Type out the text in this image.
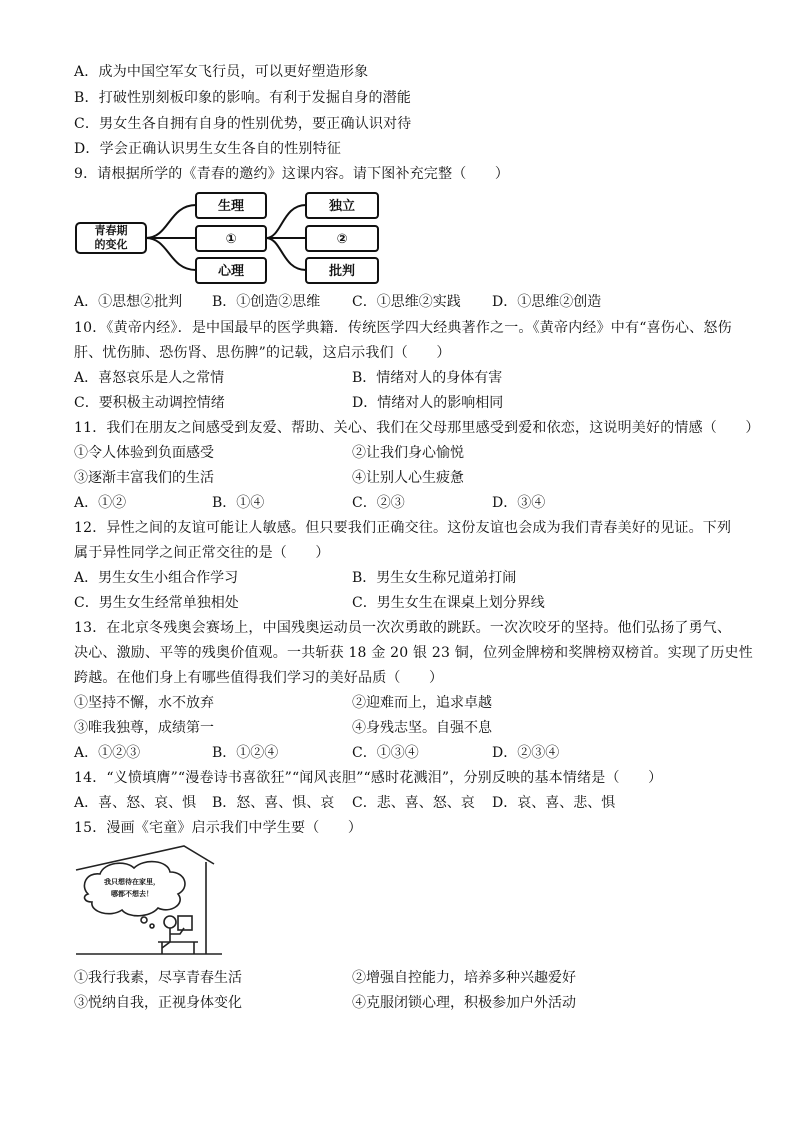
A．成为中国空军女飞行员，可以更好塑造形象
B．打破性别刻板印象的影响。有利于发掘自身的潜能
C．男女生各自拥有自身的性别优势，要正确认识对待
D．学会正确认识男生女生各自的性别特征
9．请根据所学的《青春的邀约》这课内容。请下图补充完整（　　）
青春期
的变化
生理
①
心理
独立
②
批判
A．①思想②批判 B．①创造②思维 C．①思维②实践 D．①思维②创造
10．《黄帝内经》．是中国最早的医学典籍．传统医学四大经典著作之一。《黄帝内经》中有“喜伤心、怒伤
肝、忧伤肺、恐伤肾、思伤脾”的记载，这启示我们（　　）
A．喜怒哀乐是人之常情	B．情绪对人的身体有害
C．要积极主动调控情绪	D．情绪对人的影响相同
11．我们在朋友之间感受到友爱、帮助、关心、我们在父母那里感受到爱和依恋，这说明美好的情感（　　）
①令人体验到负面感受	②让我们身心愉悦
③逐渐丰富我们的生活	④让别人心生疲惫
A．①②	B．①④	C．②③	D．③④
12．异性之间的友谊可能让人敏感。但只要我们正确交往。这份友谊也会成为我们青春美好的见证。下列
属于异性同学之间正常交往的是（　　）
A．男生女生小组合作学习	B．男生女生称兄道弟打闹
C．男生女生经常单独相处	C．男生女生在课桌上划分界线
13．在北京冬残奥会赛场上，中国残奥运动员一次次勇敢的跳跃。一次次咬牙的坚持。他们弘扬了勇气、
决心、激励、平等的残奥价值观。一共斩获 18 金 20 银 23 铜，位列金牌榜和奖牌榜双榜首。实现了历史性
跨越。在他们身上有哪些值得我们学习的美好品质（　　）
①坚持不懈，水不放弃	②迎难而上，追求卓越
③唯我独尊，成绩第一	④身残志坚。自强不息
A．①②③	B．①②④	C．①③④	D．②③④
14．“义愤填膺”“漫卷诗书喜欲狂”“闻风丧胆”“感时花溅泪”，分别反映的基本情绪是（　　）
A．喜、怒、哀、惧 B．怒、喜、惧、哀 C．悲、喜、怒、哀 D．哀、喜、悲、惧
15．漫画《宅童》启示我们中学生要（　　）
我只想待在家里，
哪都不想去！
①我行我素，尽享青春生活	②增强自控能力，培养多种兴趣爱好
③悦纳自我，正视身体变化	④克服闭锁心理，积极参加户外活动
